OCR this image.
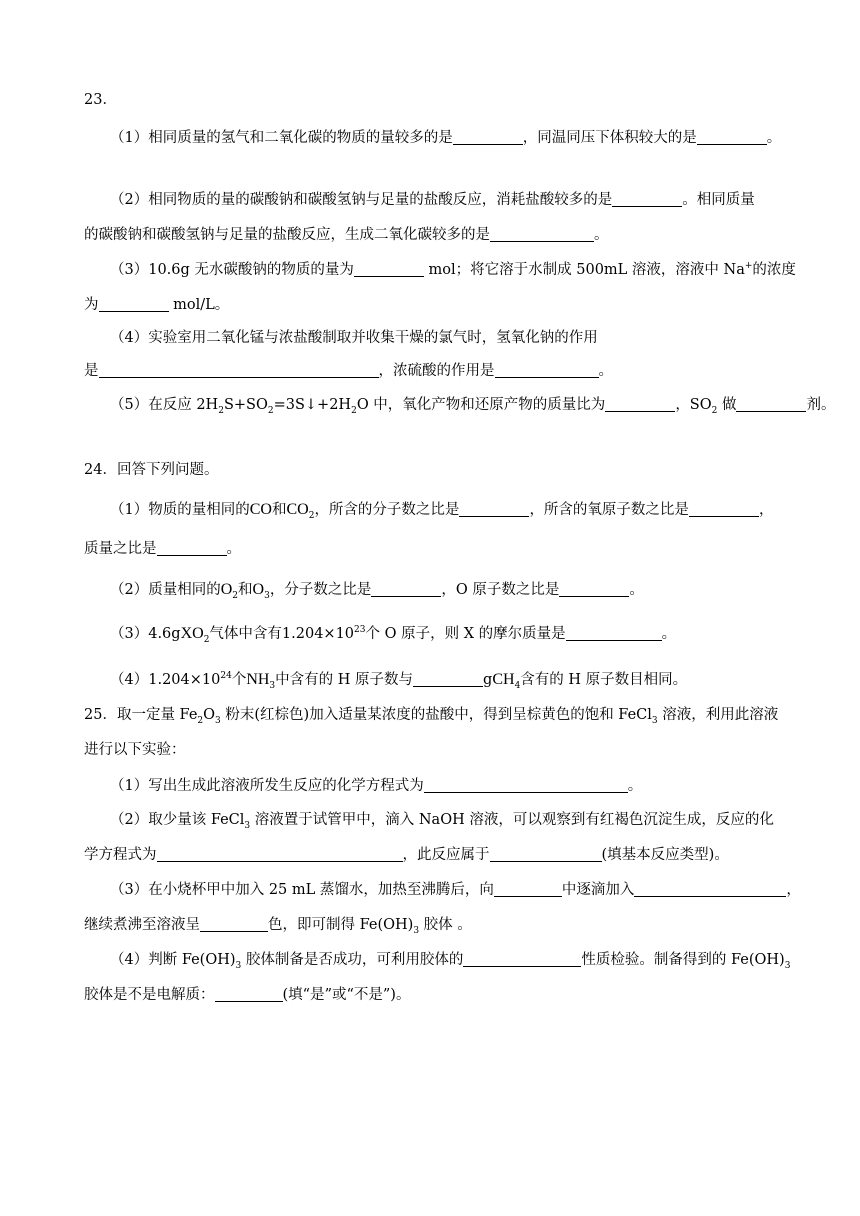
23．
（1）相同质量的氢气和二氧化碳的物质的量较多的是	，同温同压下体积较大的是	。
（2）相同物质的量的碳酸钠和碳酸氢钠与足量的盐酸反应，消耗盐酸较多的是	。相同质量
的碳酸钠和碳酸氢钠与足量的盐酸反应，生成二氧化碳较多的是	。
（3）10.6g 无水碳酸钠的物质的量为	mol；将它溶于水制成 500mL 溶液，溶液中 Na+的浓度
为	mol/L。
（4）实验室用二氧化锰与浓盐酸制取并收集干燥的氯气时，氢氧化钠的作用
是	，浓硫酸的作用是	。
（5）在反应 $2H_2S+SO_2=3S↓+2H_2O$ 中，氧化产物和还原产物的质量比为	，$SO_2$ 做	剂。
24．回答下列问题。
（1）物质的量相同的CO和$CO_2$，所含的分子数之比是	，所含的氧原子数之比是	，
质量之比是	。
（2）质量相同的$O_2$和$O_3$，分子数之比是	，O 原子数之比是	。
（3）4.6gXO$_2$气体中含有$1.204\times 10^{23}$个 O 原子，则 X 的摩尔质量是	。
$(4)1.204\times 10^{24}$个$NH_3$中含有的 H 原子数与	gCH$_4$含有的 H 原子数目相同。
25．取一定量 $Fe_2O_3$ 粉末(红棕色)加入适量某浓度的盐酸中，得到呈棕黄色的饱和 FeCl$_3$ 溶液，利用此溶液
进行以下实验：
（1）写出生成此溶液所发生反应的化学方程式为	。
（2）取少量该 FeCl$_3$ 溶液置于试管甲中，滴入 NaOH 溶液，可以观察到有红褐色沉淀生成，反应的化
学方程式为	，此反应属于	(填基本反应类型)。
（3）在小烧杯甲中加入 25 mL 蒸馏水，加热至沸腾后，向	中逐滴加入	，
继续煮沸至溶液呈	色，即可制得 $Fe(OH)_3$ 胶体 。
（4）判断 $Fe(OH)_3$ 胶体制备是否成功，可利用胶体的	性质检验。制备得到的 $Fe(OH)_3$
胶体是不是电解质：	(填“是”或“不是”)。
